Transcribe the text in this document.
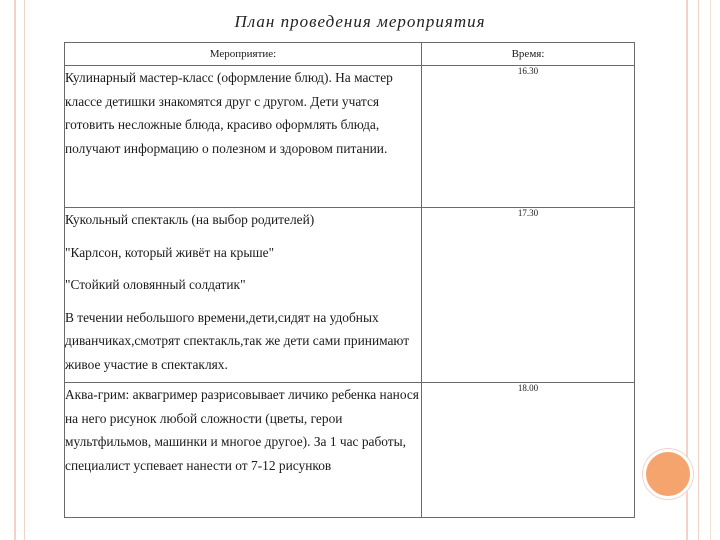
План проведения мероприятия
Мероприятие:	Время:

Кулинарный мастер-класс (оформление блюд). На мастер классе детишки знакомятся друг с другом. Дети учатся готовить несложные блюда, красиво оформлять блюда, получают информацию о полезном и здоровом питании.	16.30

Кукольный спектакль (на выбор родителей)

"Карлсон, который живёт на крыше"

"Стойкий оловянный солдатик"

В течении небольшого времени,дети,сидят на удобных диванчиках,смотрят спектакль,так же дети сами принимают живое участие в спектаклях.	17.30

Аква-грим: аквагример разрисовывает личико ребенка нанося на него рисунок любой сложности (цветы, герои мультфильмов, машинки и многое другое). За 1 час работы, специалист успевает нанести от 7-12 рисунков	18.00
